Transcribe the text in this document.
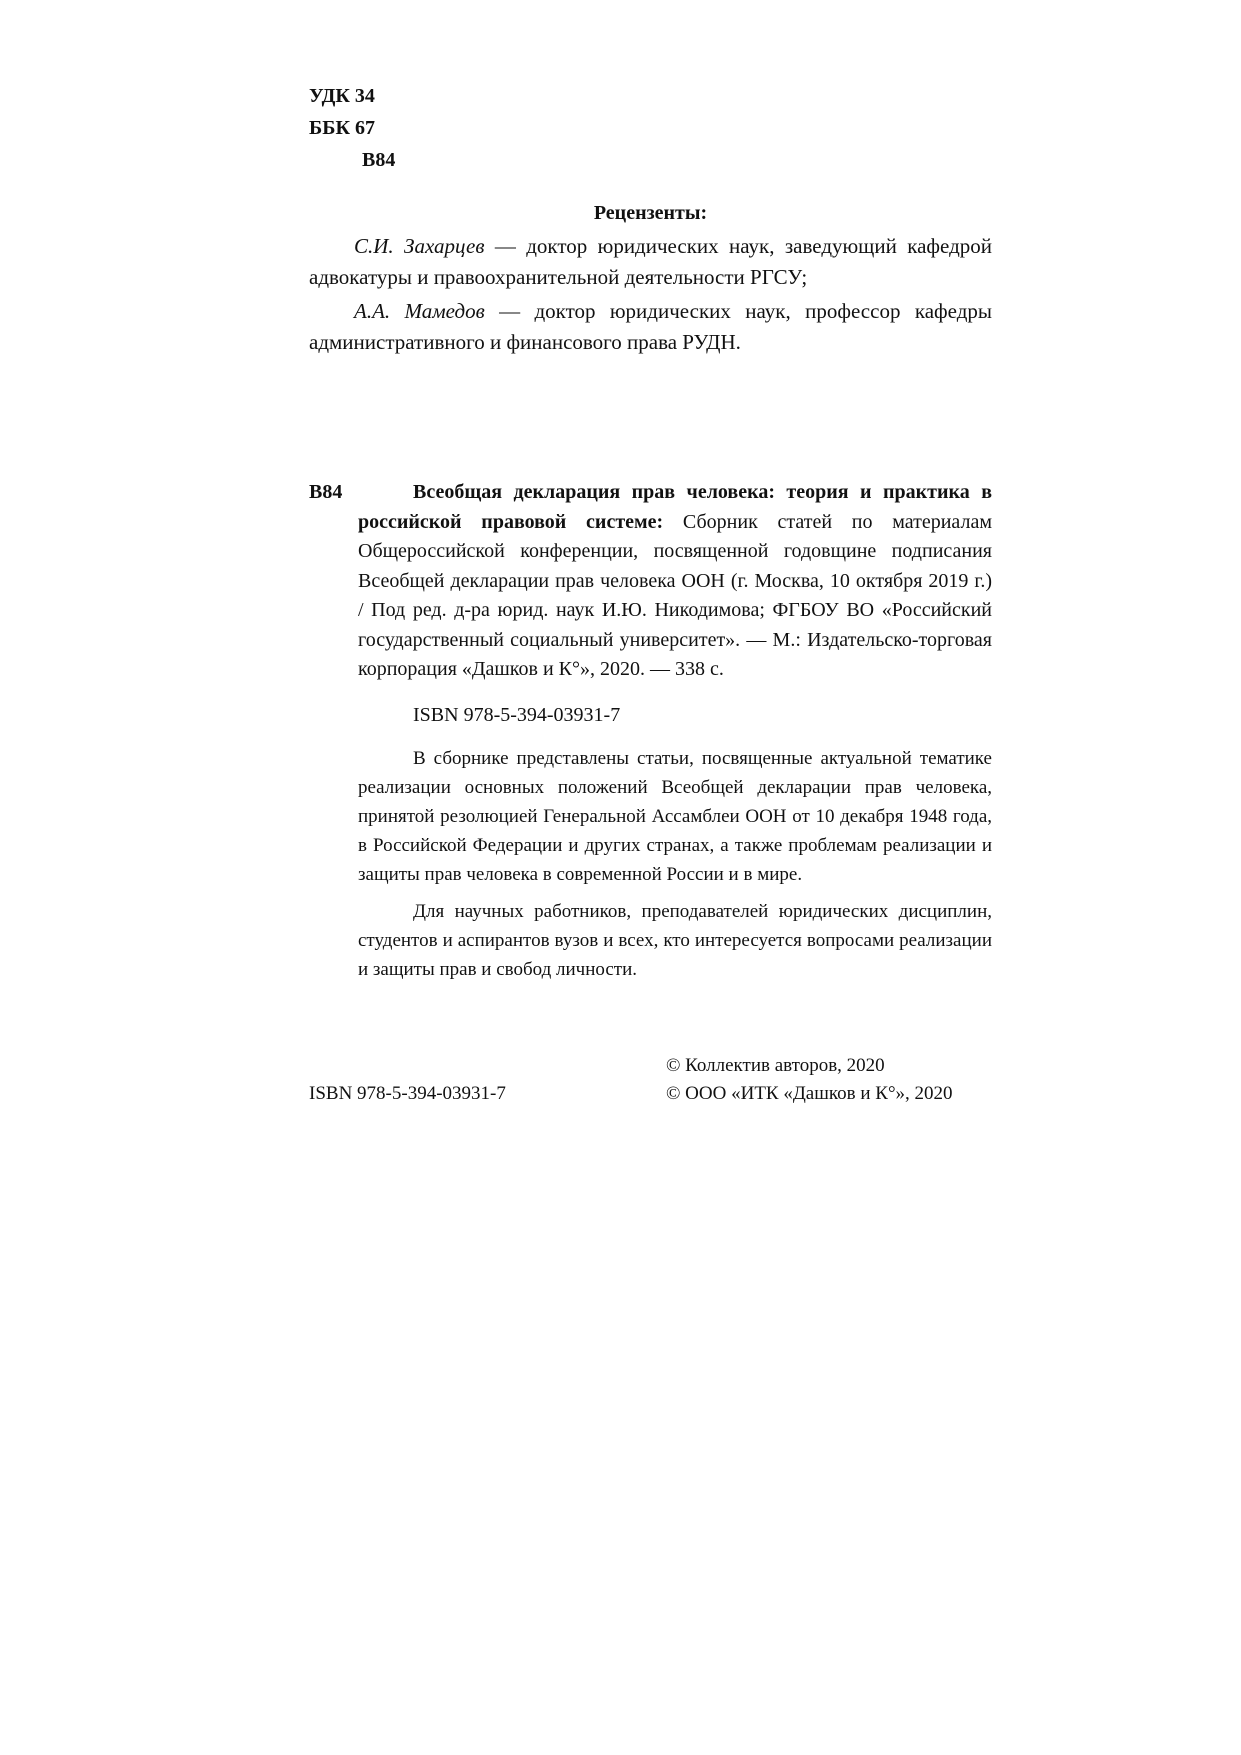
УДК 34
ББК 67
В84
Рецензенты:

С.И. Захарцев — доктор юридических наук, заведующий кафедрой адвокатуры и правоохранительной деятельности РГСУ;

А.А. Мамедов — доктор юридических наук, профессор кафедры административного и финансового права РУДН.

В84	Всеобщая декларация прав человека: теория и практика в российской правовой системе: Сборник статей по материалам Общероссийской конференции, посвященной годовщине подписания Всеобщей декларации прав человека ООН (г. Москва, 10 октября 2019 г.) / Под ред. д-ра юрид. наук И.Ю. Никодимова; ФГБОУ ВО «Российский государственный социальный университет». — М.: Издательско-торговая корпорация «Дашков и К°», 2020. — 338 с.

ISBN 978-5-394-03931-7

В сборнике представлены статьи, посвященные актуальной тематике реализации основных положений Всеобщей декларации прав человека, принятой резолюцией Генеральной Ассамблеи ООН от 10 декабря 1948 года, в Российской Федерации и других странах, а также проблемам реализации и защиты прав человека в современной России и в мире.

Для научных работников, преподавателей юридических дисциплин, студентов и аспирантов вузов и всех, кто интересуется вопросами реализации и защиты прав и свобод личности.

ISBN 978-5-394-03931-7
© Коллектив авторов, 2020
© ООО «ИТК «Дашков и К°», 2020
